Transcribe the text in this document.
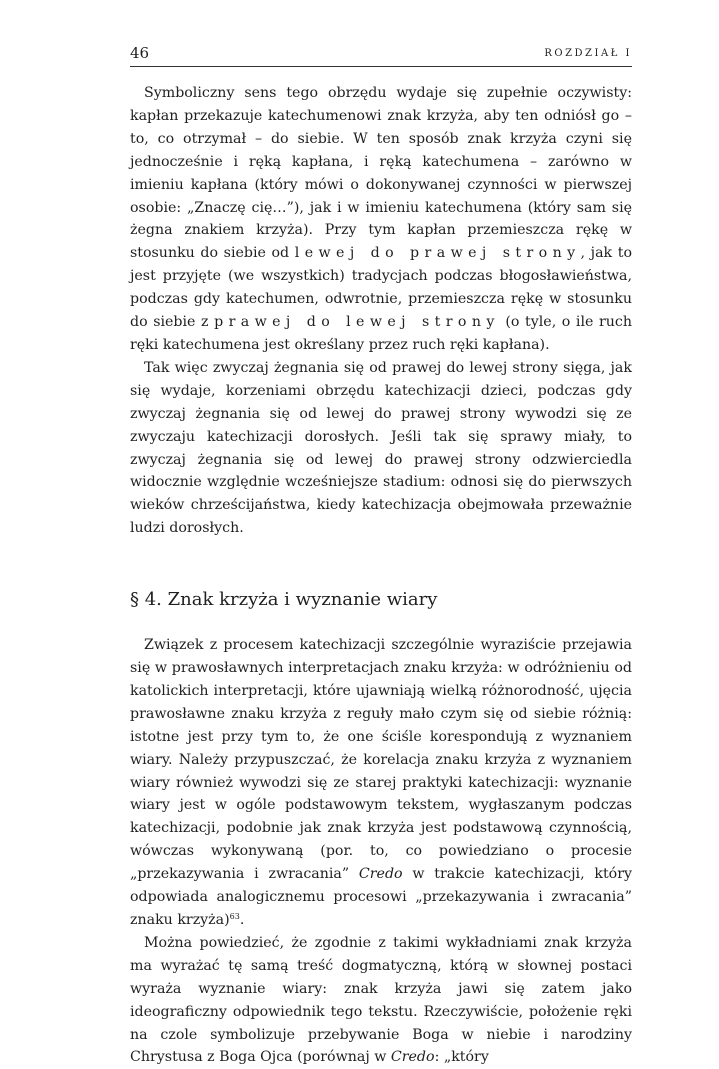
46	ROZDZIAŁ I

Symboliczny sens tego obrzędu wydaje się zupełnie oczywisty: kapłan przekazuje katechumenowi znak krzyża, aby ten odniósł go – to, co otrzymał – do siebie. W ten sposób znak krzyża czyni się jednocześnie i ręką kapłana, i ręką katechumena – zarówno w imieniu kapłana (który mówi o dokonywanej czynności w pierwszej osobie: „Znaczę cię…”), jak i w imieniu katechumena (który sam się żegna znakiem krzyża). Przy tym kapłan przemieszcza rękę w stosunku do siebie od lewej do prawej strony, jak to jest przyjęte (we wszystkich) tradycjach podczas błogosławieństwa, podczas gdy katechumen, odwrotnie, przemieszcza rękę w stosunku do siebie z prawej do lewej strony (o tyle, o ile ruch ręki katechumena jest określany przez ruch ręki kapłana).

Tak więc zwyczaj żegnania się od prawej do lewej strony sięga, jak się wydaje, korzeniami obrzędu katechizacji dzieci, podczas gdy zwyczaj żegnania się od lewej do prawej strony wywodzi się ze zwyczaju katechizacji dorosłych. Jeśli tak się sprawy miały, to zwyczaj żegnania się od lewej do prawej strony odzwierciedla widocznie względnie wcześniejsze stadium: odnosi się do pierwszych wieków chrześcijaństwa, kiedy katechizacja obejmowała przeważnie ludzi dorosłych.

§ 4. Znak krzyża i wyznanie wiary

Związek z procesem katechizacji szczególnie wyraziście przejawia się w prawosławnych interpretacjach znaku krzyża: w odróżnieniu od katolickich interpretacji, które ujawniają wielką różnorodność, ujęcia prawosławne znaku krzyża z reguły mało czym się od siebie różnią: istotne jest przy tym to, że one ściśle korespondują z wyznaniem wiary. Należy przypuszczać, że korelacja znaku krzyża z wyznaniem wiary również wywodzi się ze starej praktyki katechizacji: wyznanie wiary jest w ogóle podstawowym tekstem, wygłaszanym podczas katechizacji, podobnie jak znak krzyża jest podstawową czynnością, wówczas wykonywaną (por. to, co powiedziano o procesie „przekazywania i zwracania” Credo w trakcie katechizacji, który odpowiada analogicznemu procesowi „przekazywania i zwracania” znaku krzyża)$^{63}$.

Można powiedzieć, że zgodnie z takimi wykładniami znak krzyża ma wyrażać tę samą treść dogmatyczną, którą w słownej postaci wyraża wyznanie wiary: znak krzyża jawi się zatem jako ideograficzny odpowiednik tego tekstu. Rzeczywiście, położenie ręki na czole symbolizuje przebywanie Boga w niebie i narodziny Chrystusa z Boga Ojca (porównaj w Credo: „który
